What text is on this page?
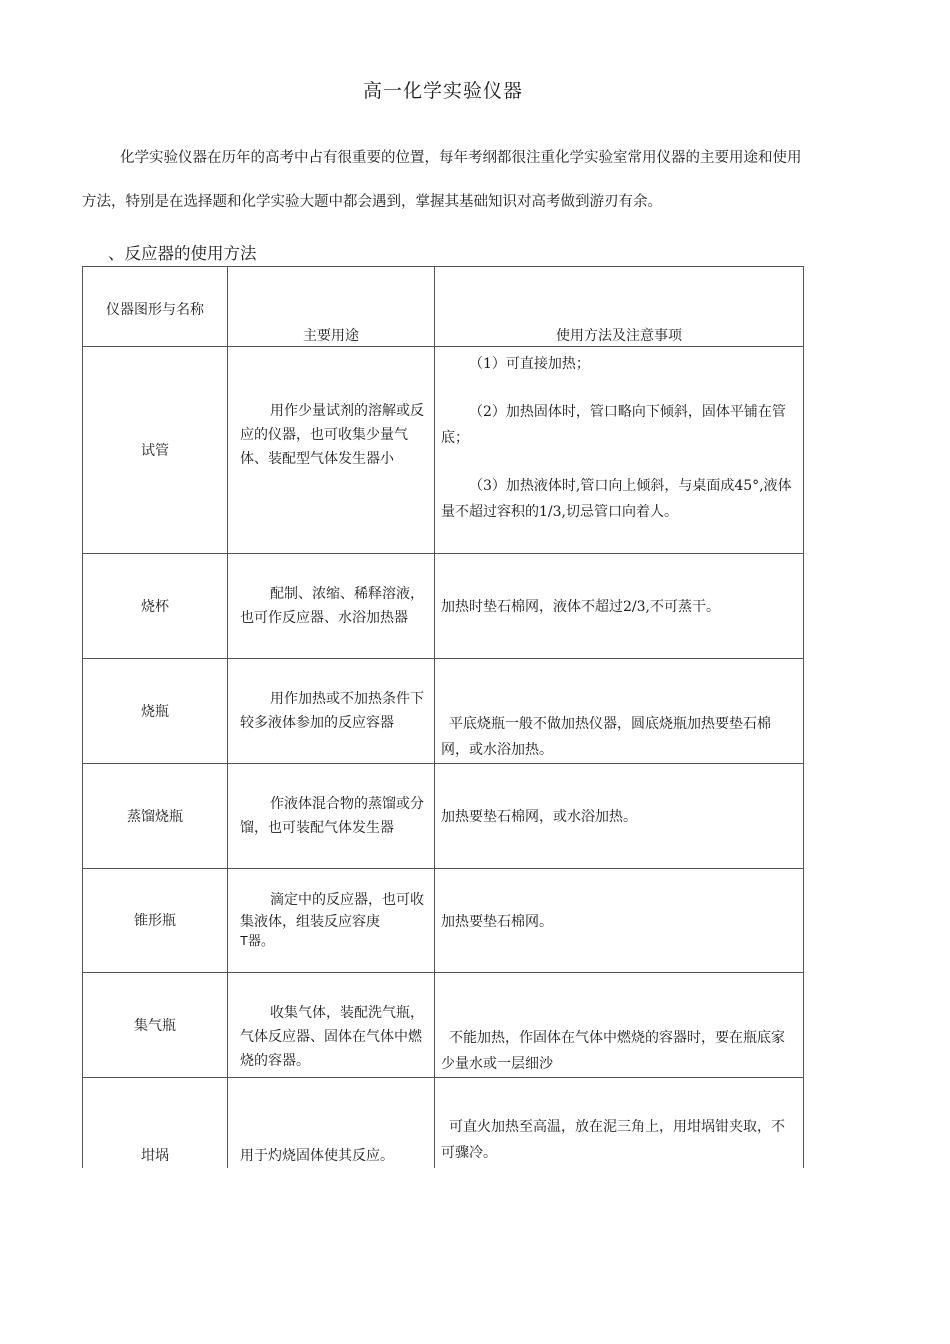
高一化学实验仪器

化学实验仪器在历年的高考中占有很重要的位置，每年考纲都很注重化学实验室常用仪器的主要用途和使用

方法，特别是在选择题和化学实验大题中都会遇到，掌握其基础知识对高考做到游刃有余。

、反应器的使用方法
仪器图形与名称	主要用途	使用方法及注意事项

试管	用作少量试剂的溶解或反应的仪器，也可收集少量气体、装配型气体发生器小	（1）可直接加热；

（2）加热固体时，管口略向下倾斜，固体平铺在管底；

（3）加热液体时,管口向上倾斜，与桌面成45°,液体量不超过容积的1/3,切忌管口向着人。

烧杯	配制、浓缩、稀释溶液，也可作反应器、水浴加热器	加热时垫石棉网，液体不超过2/3,不可蒸干。

烧瓶	用作加热或不加热条件下较多液体参加的反应容器	平底烧瓶一般不做加热仪器，圆底烧瓶加热要垫石棉网，或水浴加热。

蒸馏烧瓶	作液体混合物的蒸馏或分馏，也可装配气体发生器	加热要垫石棉网，或水浴加热。

锥形瓶	滴定中的反应器，也可收集液体，组装反应容庚
T器。	加热要垫石棉网。

集气瓶	收集气体，装配洗气瓶，气体反应器、固体在气体中燃烧的容器。	不能加热，作固体在气体中燃烧的容器时，要在瓶底家少量水或一层细沙

坩埚	用于灼烧固体使其反应。	可直火加热至高温，放在泥三角上，用坩埚钳夹取，不可骤冷。
